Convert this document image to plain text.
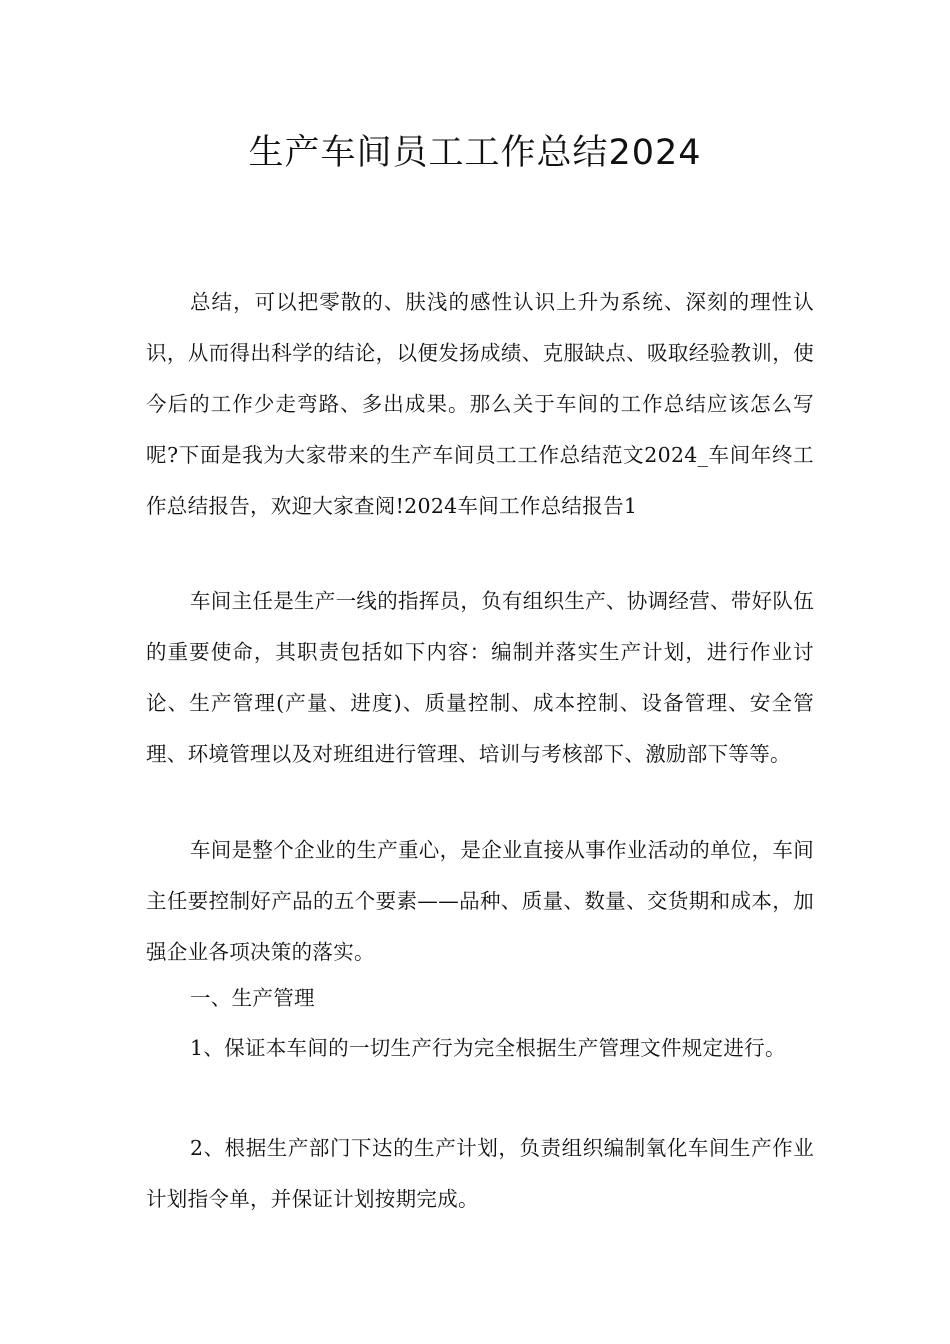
生产车间员工工作总结2024

总结，可以把零散的、肤浅的感性认识上升为系统、深刻的理性认识，从而得出科学的结论，以便发扬成绩、克服缺点、吸取经验教训，使今后的工作少走弯路、多出成果。那么关于车间的工作总结应该怎么写呢?下面是我为大家带来的生产车间员工工作总结范文2024_车间年终工作总结报告，欢迎大家查阅!2024车间工作总结报告1

车间主任是生产一线的指挥员，负有组织生产、协调经营、带好队伍的重要使命，其职责包括如下内容：编制并落实生产计划，进行作业讨论、生产管理(产量、进度)、质量控制、成本控制、设备管理、安全管理、环境管理以及对班组进行管理、培训与考核部下、激励部下等等。

车间是整个企业的生产重心，是企业直接从事作业活动的单位，车间主任要控制好产品的五个要素——品种、质量、数量、交货期和成本，加强企业各项决策的落实。

一、生产管理

1、保证本车间的一切生产行为完全根据生产管理文件规定进行。

2、根据生产部门下达的生产计划，负责组织编制氧化车间生产作业计划指令单，并保证计划按期完成。
